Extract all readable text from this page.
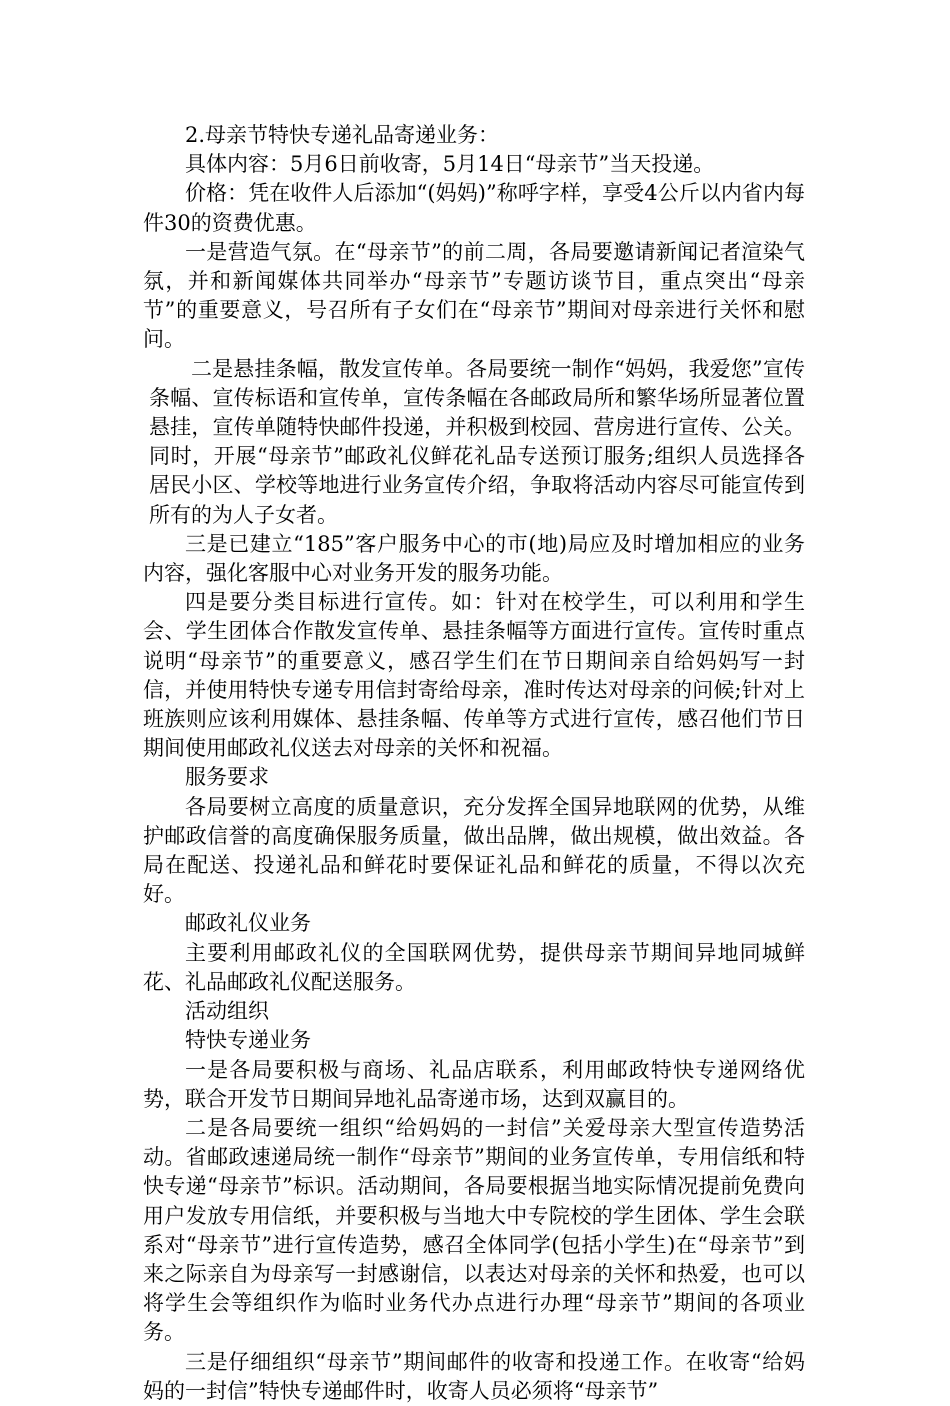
2.母亲节特快专递礼品寄递业务：

具体内容：5月6日前收寄，5月14日“母亲节”当天投递。

价格：凭在收件人后添加“(妈妈)”称呼字样，享受4公斤以内省内每件30的资费优惠。

一是营造气氛。在“母亲节”的前二周，各局要邀请新闻记者渲染气氛，并和新闻媒体共同举办“母亲节”专题访谈节目，重点突出“母亲节”的重要意义，号召所有子女们在“母亲节”期间对母亲进行关怀和慰问。

二是悬挂条幅，散发宣传单。各局要统一制作“妈妈，我爱您”宣传条幅、宣传标语和宣传单，宣传条幅在各邮政局所和繁华场所显著位置悬挂，宣传单随特快邮件投递，并积极到校园、营房进行宣传、公关。同时，开展“母亲节”邮政礼仪鲜花礼品专送预订服务;组织人员选择各居民小区、学校等地进行业务宣传介绍，争取将活动内容尽可能宣传到所有的为人子女者。

三是已建立“185”客户服务中心的市(地)局应及时增加相应的业务内容，强化客服中心对业务开发的服务功能。

四是要分类目标进行宣传。如：针对在校学生，可以利用和学生会、学生团体合作散发宣传单、悬挂条幅等方面进行宣传。宣传时重点说明“母亲节”的重要意义，感召学生们在节日期间亲自给妈妈写一封信，并使用特快专递专用信封寄给母亲，准时传达对母亲的问候;针对上班族则应该利用媒体、悬挂条幅、传单等方式进行宣传，感召他们节日期间使用邮政礼仪送去对母亲的关怀和祝福。

服务要求

各局要树立高度的质量意识，充分发挥全国异地联网的优势，从维护邮政信誉的高度确保服务质量，做出品牌，做出规模，做出效益。各局在配送、投递礼品和鲜花时要保证礼品和鲜花的质量，不得以次充好。

邮政礼仪业务

主要利用邮政礼仪的全国联网优势，提供母亲节期间异地同城鲜花、礼品邮政礼仪配送服务。

活动组织

特快专递业务

一是各局要积极与商场、礼品店联系，利用邮政特快专递网络优势，联合开发节日期间异地礼品寄递市场，达到双赢目的。

二是各局要统一组织“给妈妈的一封信”关爱母亲大型宣传造势活动。省邮政速递局统一制作“母亲节”期间的业务宣传单，专用信纸和特快专递“母亲节”标识。活动期间，各局要根据当地实际情况提前免费向用户发放专用信纸，并要积极与当地大中专院校的学生团体、学生会联系对“母亲节”进行宣传造势，感召全体同学(包括小学生)在“母亲节”到来之际亲自为母亲写一封感谢信，以表达对母亲的关怀和热爱，也可以将学生会等组织作为临时业务代办点进行办理“母亲节”期间的各项业务。

三是仔细组织“母亲节”期间邮件的收寄和投递工作。在收寄“给妈妈的一封信”特快专递邮件时，收寄人员必须将“母亲节”
